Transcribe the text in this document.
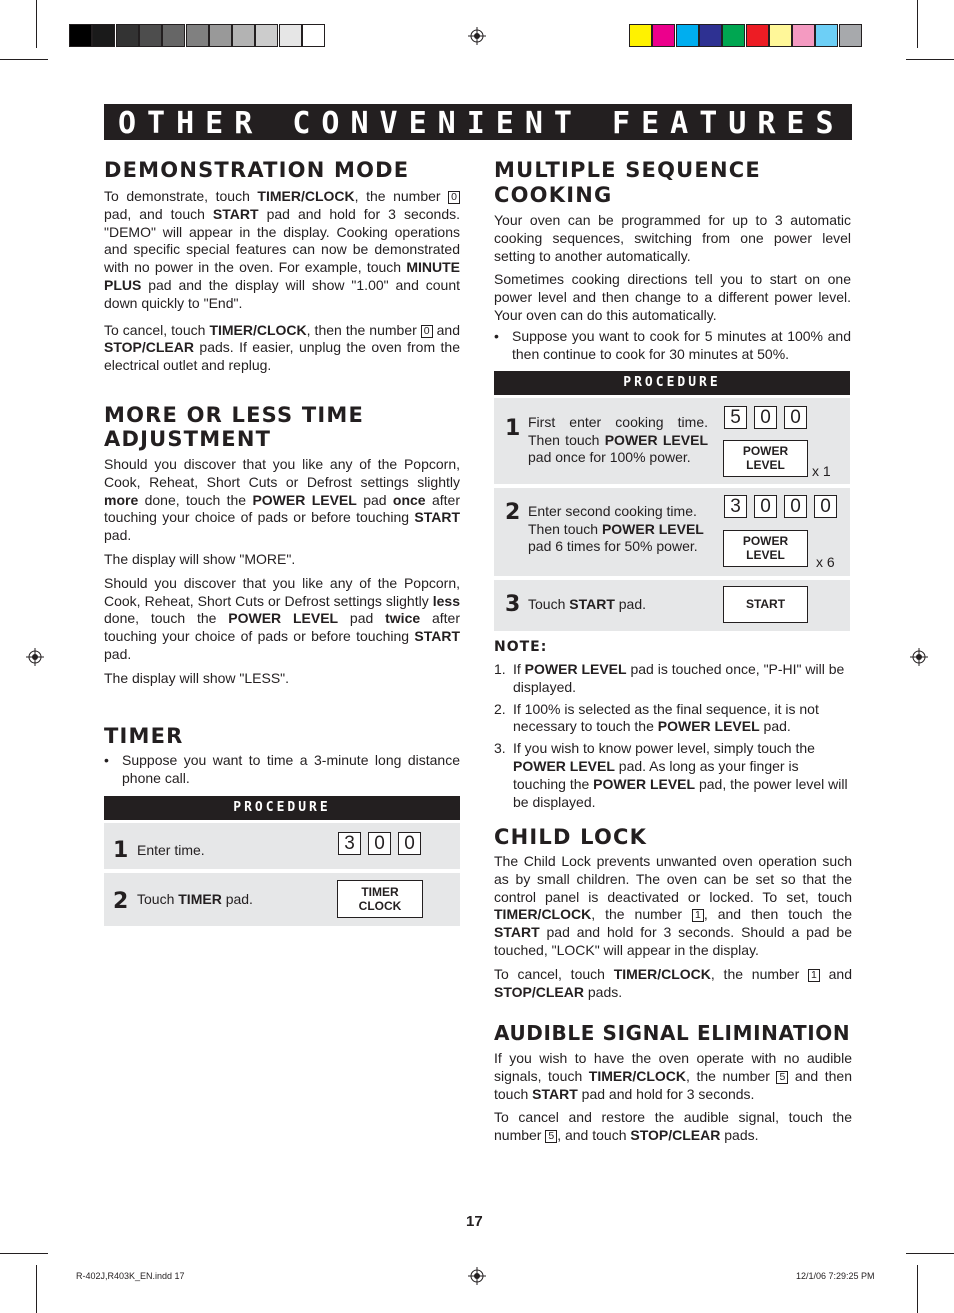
OTHER CONVENIENT FEATURES
DEMONSTRATION MODE

To demonstrate, touch TIMER/CLOCK, the number 0 pad, and touch START pad and hold for 3 seconds. "DEMO" will appear in the display. Cooking operations and specific special features can now be demonstrated with no power in the oven. For example, touch MINUTE PLUS pad and the display will show "1.00" and count down quickly to "End".

To cancel, touch TIMER/CLOCK, then the number 0 and STOP/CLEAR pads. If easier, unplug the oven from the electrical outlet and replug.

MORE OR LESS TIME ADJUSTMENT

Should you discover that you like any of the Popcorn, Cook, Reheat, Short Cuts or Defrost settings slightly more done, touch the POWER LEVEL pad once after touching your choice of pads or before touching START pad.

The display will show "MORE".

Should you discover that you like any of the Popcorn, Cook, Reheat, Short Cuts or Defrost settings slightly less done, touch the POWER LEVEL pad twice after touching your choice of pads or before touching START pad.

The display will show "LESS".

TIMER
• Suppose you want to time a 3-minute long distance phone call.
PROCEDURE
1 Enter time.	3	0	0
2 Touch TIMER pad.	TIMER
CLOCK
MULTIPLE SEQUENCE
COOKING

Your oven can be programmed for up to 3 automatic cooking sequences, switching from one power level setting to another automatically.

Sometimes cooking directions tell you to start on one power level and then change to a different power level. Your oven can do this automatically.

• Suppose you want to cook for 5 minutes at 100% and then continue to cook for 30 minutes at 50%.
PROCEDURE
1 First enter cooking time. Then touch POWER LEVEL pad once for 100% power.
5	0	0
POWER
LEVEL	x 1
2 Enter second cooking time. Then touch POWER LEVEL pad 6 times for 50% power.
3	0	0	0
POWER
LEVEL	x 6
3 Touch START pad.	START
NOTE:
1. If POWER LEVEL pad is touched once, "P-HI" will be displayed.
2. If 100% is selected as the final sequence, it is not necessary to touch the POWER LEVEL pad.
3. If you wish to know power level, simply touch the POWER LEVEL pad. As long as your finger is touching the POWER LEVEL pad, the power level will be displayed.
CHILD LOCK

The Child Lock prevents unwanted oven operation such as by small children. The oven can be set so that the control panel is deactivated or locked. To set, touch TIMER/CLOCK, the number 1 , and then touch the START pad and hold for 3 seconds. Should a pad be touched, "LOCK" will appear in the display.

To cancel, touch TIMER/CLOCK, the number 1 and STOP/CLEAR pads.

AUDIBLE SIGNAL ELIMINATION

If you wish to have the oven operate with no audible signals, touch TIMER/CLOCK, the number 5 and then touch START pad and hold for 3 seconds.

To cancel and restore the audible signal, touch the number 5 , and touch STOP/CLEAR pads.

17
R-402J,R403K_EN.indd 17	12/1/06 7:29:25 PM
